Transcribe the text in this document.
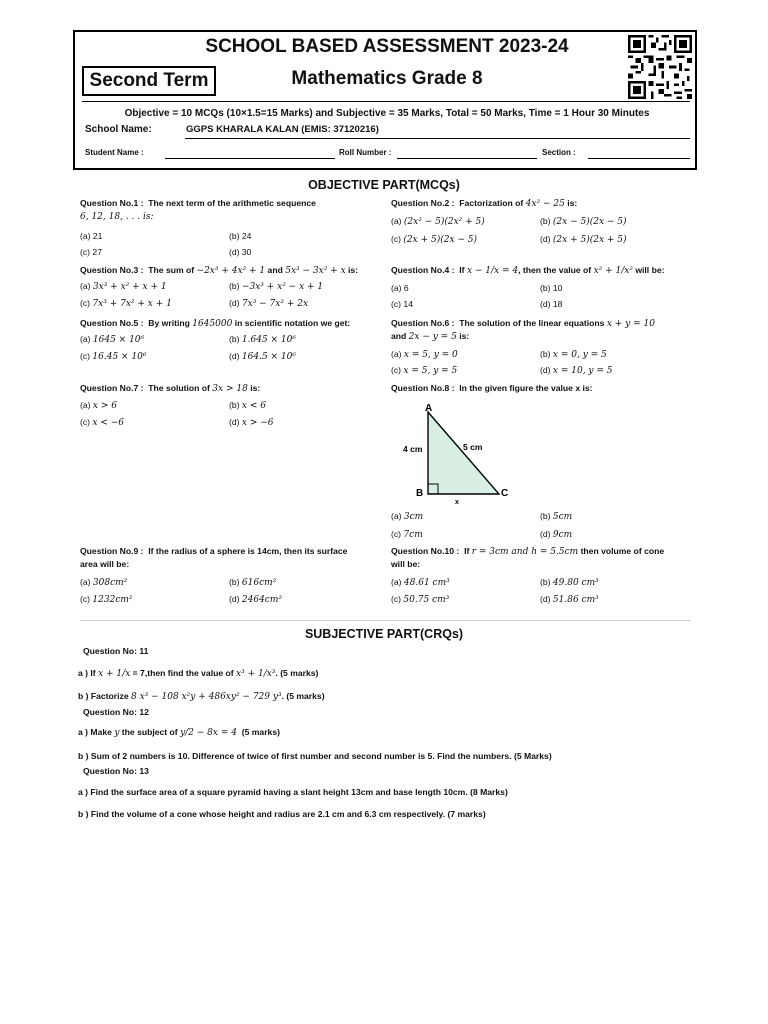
SCHOOL BASED ASSESSMENT 2023-24
Second Term	Mathematics Grade 8
Objective = 10 MCQs (10×1.5=15 Marks) and Subjective = 35 Marks, Total = 50 Marks, Time = 1 Hour 30 Minutes
School Name:	GGPS KHARALA KALAN (EMIS: 37120216)
Student Name :	Roll Number :	Section :
OBJECTIVE PART(MCQs)
Question No.1 : The next term of the arithmetic sequence
6, 12, 18, . . . is:
(a) 21	(b) 24
(c) 27	(d) 30
Question No.2 : Factorization of 4x² − 25 is:
(a) (2x² − 5)(2x² + 5)	(b) (2x − 5)(2x − 5)
(c) (2x + 5)(2x − 5)	(d) (2x + 5)(2x + 5)
Question No.3 : The sum of −2x³ + 4x² + 1 and 5x³ − 3x² + x is:
(a) 3x³ + x² + x + 1	(b) −3x³ + x² − x + 1
(c) 7x³ + 7x² + x + 1	(d) 7x³ − 7x² + 2x
Question No.4 : If x − 1/x = 4, then the value of x² + 1/x² will be:
(a) 6	(b) 10
(c) 14	(d) 18
Question No.5 : By writing 1645000 in scientific notation we get:
(a) 1645 × 10⁶	(b) 1.645 × 10⁶
(c) 16.45 × 10⁶	(d) 164.5 × 10⁶
Question No.6 : The solution of the linear equations x + y = 10
and 2x − y = 5 is:
(a) x = 5, y = 0	(b) x = 0, y = 5
(c) x = 5, y = 5	(d) x = 10, y = 5
Question No.7 : The solution of 3x > 18 is:
(a) x > 6	(b) x < 6
(c) x < −6	(d) x > −6
Question No.8 : In the given figure the value x is:
A
B	C
4 cm	5 cm
x
(a) 3cm	(b) 5cm
(c) 7cm	(d) 9cm
Question No.9 : If the radius of a sphere is 14cm, then its surface
area will be:
(a) 308cm²	(b) 616cm²
(c) 1232cm²	(d) 2464cm²
Question No.10 : If r = 3cm and h = 5.5cm then volume of cone
will be:
(a) 48.61 cm³	(b) 49.80 cm³
(c) 50.75 cm³	(d) 51.86 cm³
SUBJECTIVE PART(CRQs)
Question No: 11
a ) If x + 1/x = 7,then find the value of x³ + 1/x³. (5 marks)
b ) Factorize 8 x³ − 108 x²y + 486xy² − 729 y³. (5 marks)
Question No: 12
a ) Make y the subject of y/2 − 8x = 4 (5 marks)
b ) Sum of 2 numbers is 10. Difference of twice of first number and second number is 5. Find the numbers. (5 Marks)
Question No: 13
a ) Find the surface area of a square pyramid having a slant height 13cm and base length 10cm. (8 Marks)
b ) Find the volume of a cone whose height and radius are 2.1 cm and 6.3 cm respectively. (7 marks)
